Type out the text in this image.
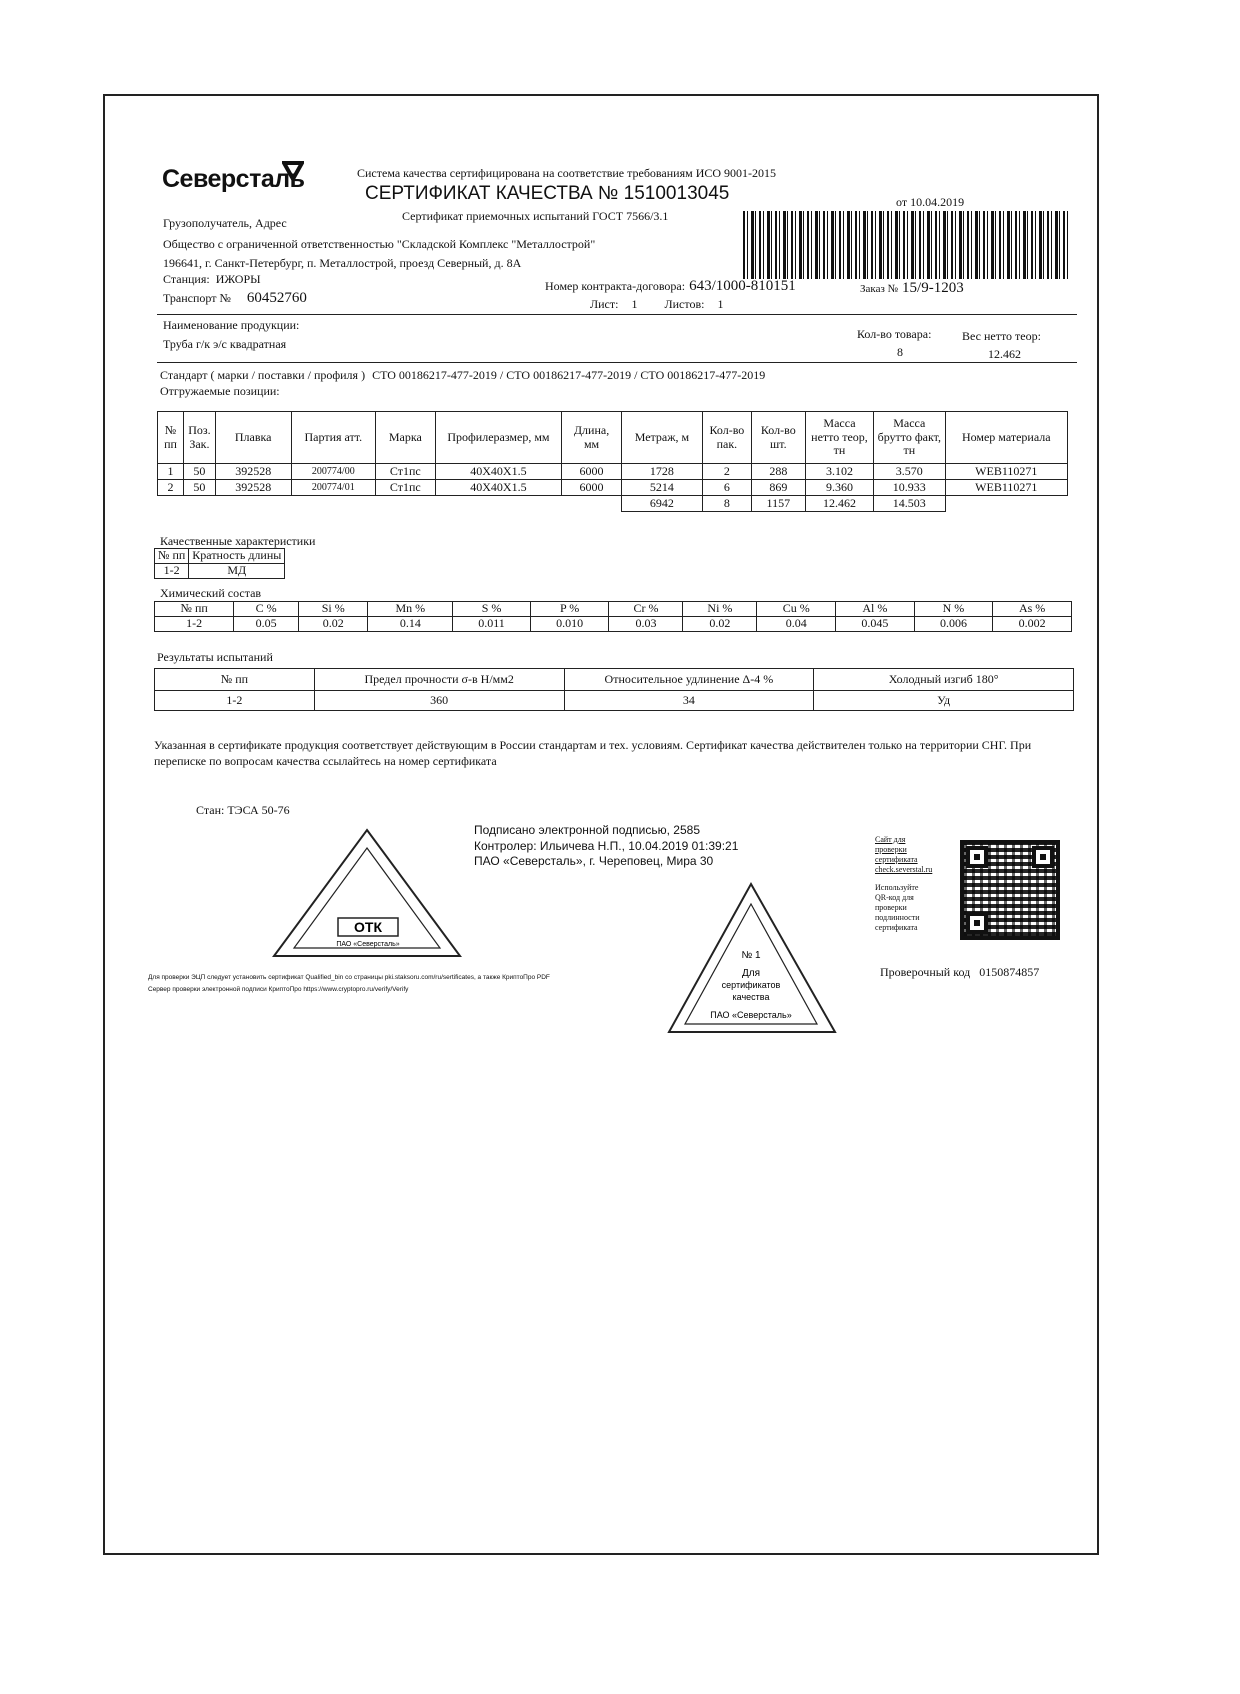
Северсталь	Система качества сертифицирована на соответствие требованиям ИСО 9001-2015
СЕРТИФИКАТ КАЧЕСТВА № 1510013045
Сертификат приемочных испытаний ГОСТ 7566/3.1
от 10.04.2019
Грузополучатель, Адрес
Общество с ограниченной ответственностью "Складской Комплекс "Металлострой"
196641, г. Санкт-Петербург, п. Металлострой, проезд Северный, д. 8А
Станция: ИЖОРЫ
Транспорт № 60452760
Номер контракта-договора: 643/1000-810151	Заказ № 15/9-1203
Лист: 1 Листов: 1
Наименование продукции:
Труба г/к э/с квадратная
Кол-во товара:
8
Вес нетто теор:
12.462
Стандарт ( марки / поставки / профиля ) СТО 00186217-477-2019 / СТО 00186217-477-2019 / СТО 00186217-477-2019
Отгружаемые позиции:
№ пп	Поз. Зак.	Плавка	Партия атт.	Марка	Профилеразмер, мм	Длина, мм	Метраж, м	Кол-во пак.	Кол-во шт.	Масса нетто теор, тн	Масса брутто факт, тн	Номер материала
1	50	392528	200774/00	Ст1пс	40X40X1.5	6000	1728	2	288	3.102	3.570	WEB110271
2	50	392528	200774/01	Ст1пс	40X40X1.5	6000	5214	6	869	9.360	10.933	WEB110271
							6942	8	1157	12.462	14.503	
Качественные характеристики
№ пп	Кратность длины
1-2	МД
Химический состав
№ пп	C %	Si %	Mn %	S %	P %	Cr %	Ni %	Cu %	Al %	N %	As %
1-2	0.05	0.02	0.14	0.011	0.010	0.03	0.02	0.04	0.045	0.006	0.002
Результаты испытаний
№ пп	Предел прочности σ-в Н/мм2	Относительное удлинение Δ-4 %	Холодный изгиб 180°
1-2	360	34	Уд
Указанная в сертификате продукция соответствует действующим в России стандартам и тех. условиям. Сертификат качества действителен только на территории СНГ. При переписке по вопросам качества ссылайтесь на номер сертификата
Стан: ТЭСА 50-76
Подписано электронной подписью, 2585
Контролер: Ильичева Н.П., 10.04.2019 01:39:21
ПАО «Северсталь», г. Череповец, Мира 30
ОТК
ПАО «Северсталь»
№ 1
Для
сертификатов
качества
ПАО «Северсталь»
Сайт для
проверки
сертификата
check.severstal.ru
Используйте
QR-код для
проверки
подлинности
сертификата
Проверочный код 0150874857
Для проверки ЭЦП следует установить сертификат Qualified_bin со страницы pki.staksoru.com/ru/sertificates, а также КриптоПро PDF
Сервер проверки электронной подписи КриптоПро https://www.cryptopro.ru/verify/Verify
